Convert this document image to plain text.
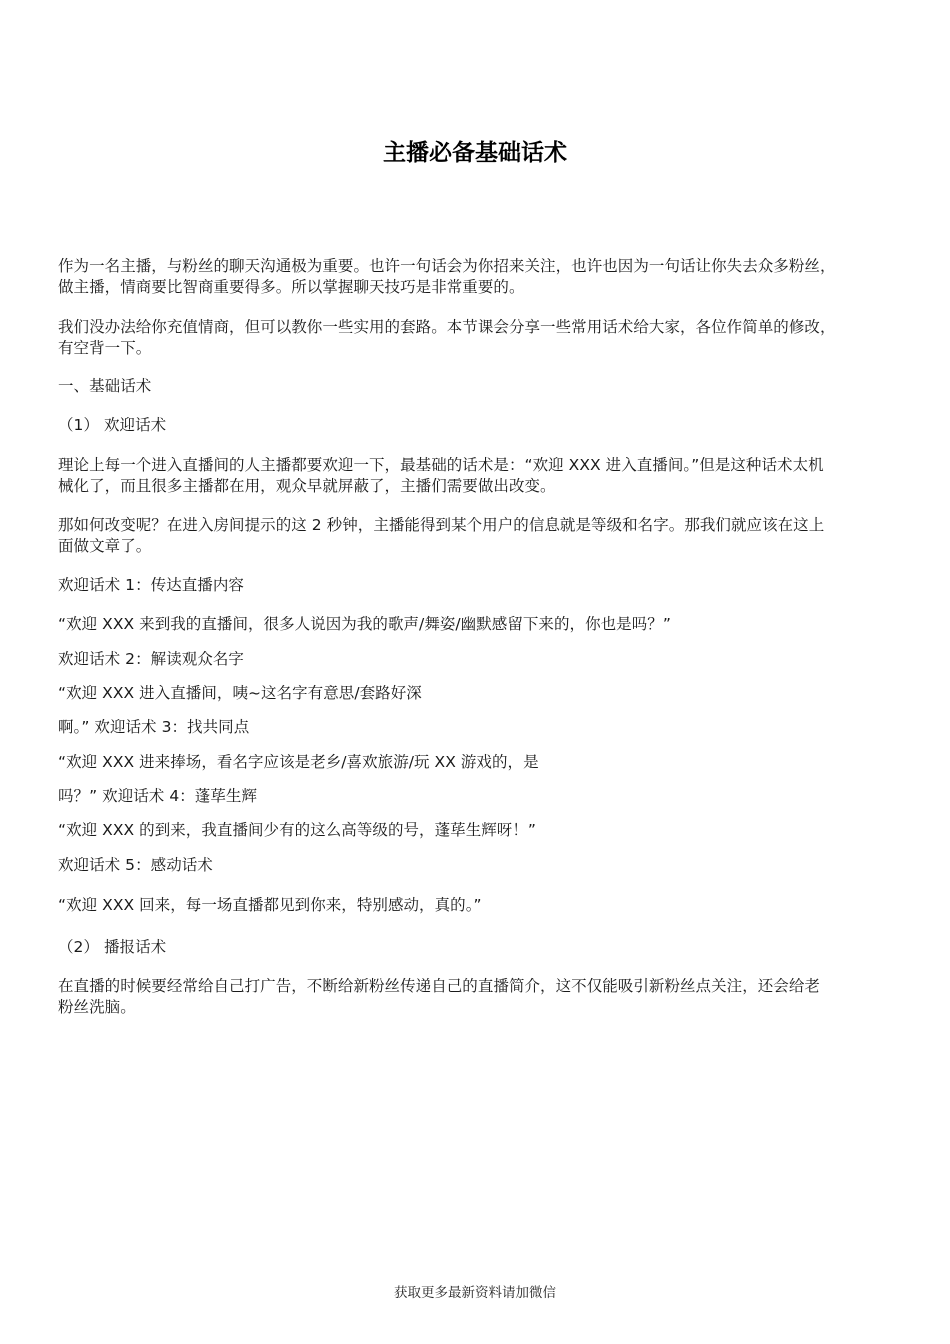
主播必备基础话术
作为一名主播，与粉丝的聊天沟通极为重要。也许一句话会为你招来关注，也许也因为一句话让你失去众多粉丝，
做主播，情商要比智商重要得多。所以掌握聊天技巧是非常重要的。
我们没办法给你充值情商，但可以教你一些实用的套路。本节课会分享一些常用话术给大家，各位作简单的修改，
有空背一下。
一、基础话术
（1） 欢迎话术
理论上每一个进入直播间的人主播都要欢迎一下，最基础的话术是：“欢迎 XXX 进入直播间。”但是这种话术太机
械化了，而且很多主播都在用，观众早就屏蔽了，主播们需要做出改变。
那如何改变呢？在进入房间提示的这 2 秒钟，主播能得到某个用户的信息就是等级和名字。那我们就应该在这上
面做文章了。
欢迎话术 1：传达直播内容
“欢迎 XXX 来到我的直播间，很多人说因为我的歌声/舞姿/幽默感留下来的，你也是吗？”
欢迎话术 2：解读观众名字
“欢迎 XXX 进入直播间，咦~这名字有意思/套路好深
啊。” 欢迎话术 3：找共同点
“欢迎 XXX 进来捧场，看名字应该是老乡/喜欢旅游/玩 XX 游戏的，是
吗？” 欢迎话术 4：蓬荜生辉
“欢迎 XXX 的到来，我直播间少有的这么高等级的号，蓬荜生辉呀！”
欢迎话术 5：感动话术
“欢迎 XXX 回来，每一场直播都见到你来，特别感动，真的。”
（2） 播报话术
在直播的时候要经常给自己打广告，不断给新粉丝传递自己的直播简介，这不仅能吸引新粉丝点关注，还会给老
粉丝洗脑。
获取更多最新资料请加微信
